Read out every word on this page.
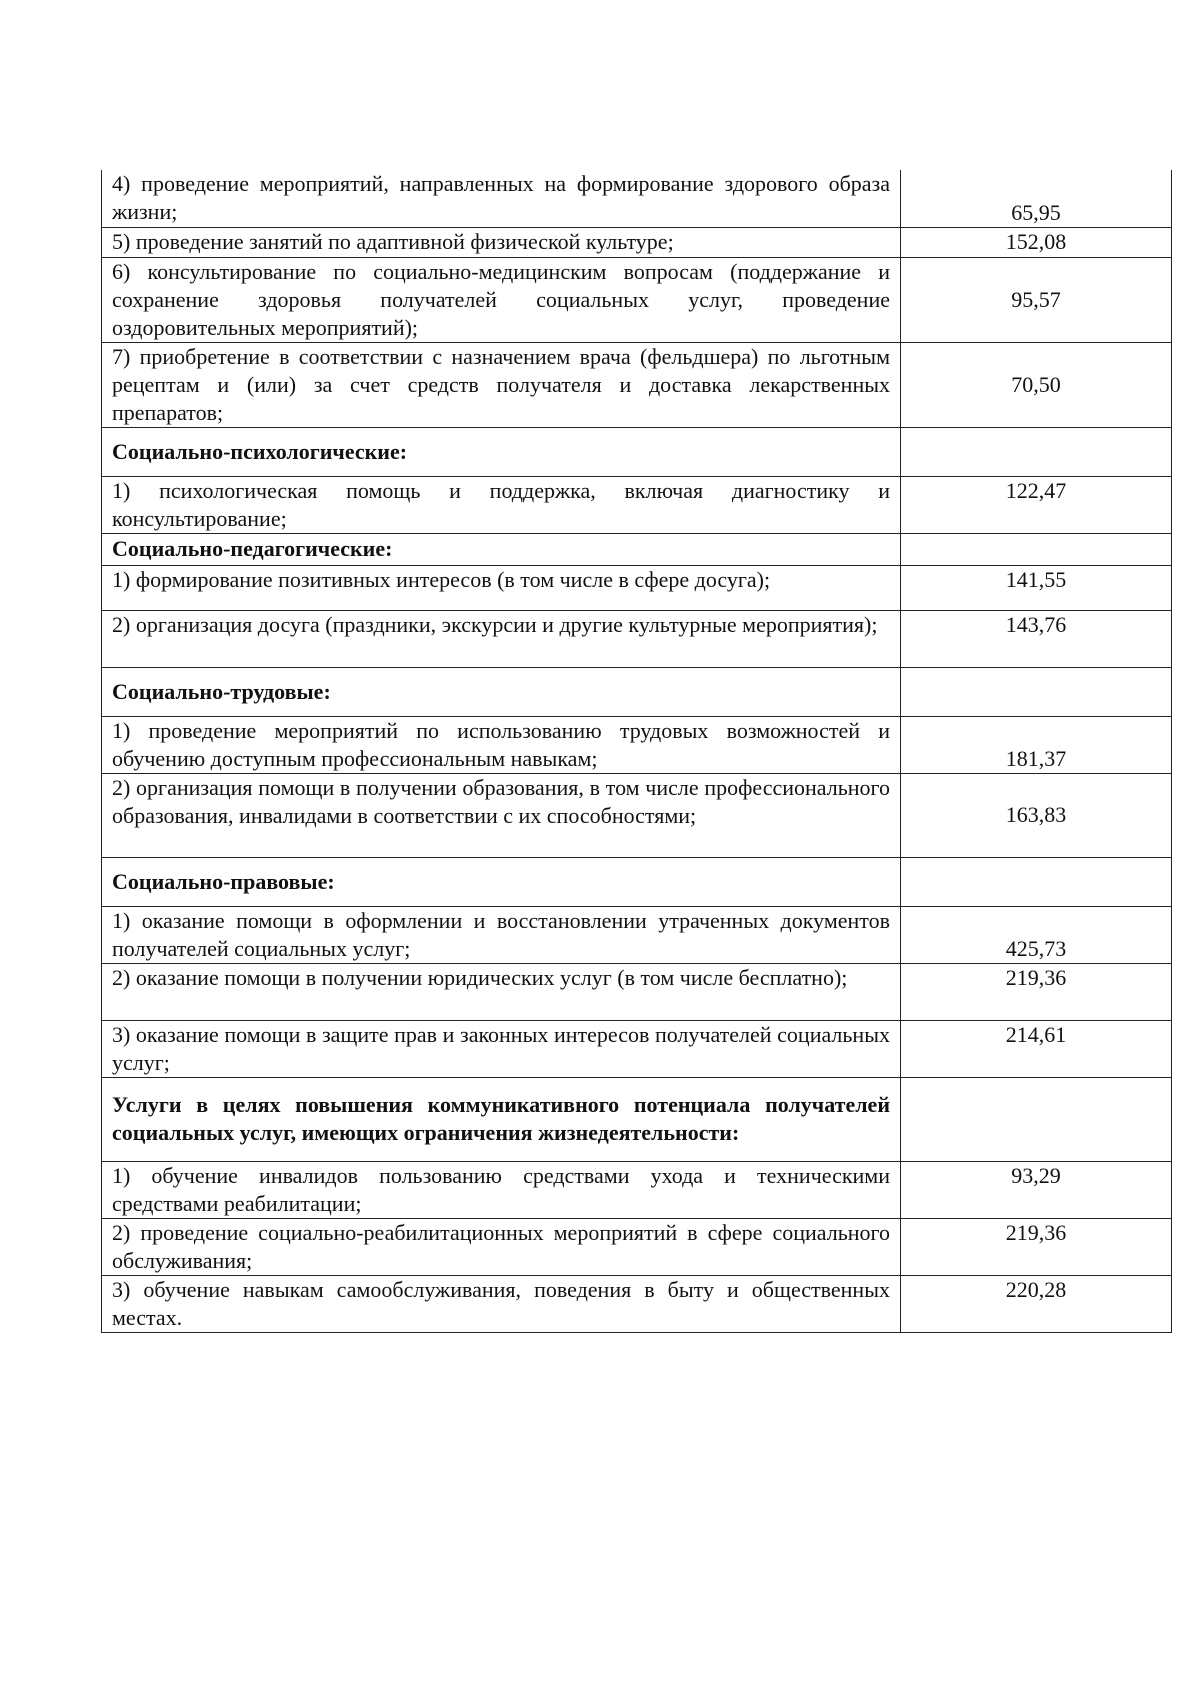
4) проведение мероприятий, направленных на формирование здорового образа жизни;	65,95
5) проведение занятий по адаптивной физической культуре;	152,08
6) консультирование по социально-медицинским вопросам (поддержание и сохранение здоровья получателей социальных услуг, проведение оздоровительных мероприятий);	95,57
7) приобретение в соответствии с назначением врача (фельдшера) по льготным рецептам и (или) за счет средств получателя и доставка лекарственных препаратов;	70,50
Социально-психологические:	
1) психологическая помощь и поддержка, включая диагностику и консультирование;	122,47
Социально-педагогические:	
1) формирование позитивных интересов (в том числе в сфере досуга);	141,55
2) организация досуга (праздники, экскурсии и другие культурные мероприятия);	143,76
Социально-трудовые:	
1) проведение мероприятий по использованию трудовых возможностей и обучению доступным профессиональным навыкам;	181,37
2) организация помощи в получении образования, в том числе профессионального образования, инвалидами в соответствии с их способностями;	163,83
Социально-правовые:	
1) оказание помощи в оформлении и восстановлении утраченных документов получателей социальных услуг;	425,73
2) оказание помощи в получении юридических услуг (в том числе бесплатно);	219,36
3) оказание помощи в защите прав и законных интересов получателей социальных услуг;	214,61
Услуги в целях повышения коммуникативного потенциала получателей социальных услуг, имеющих ограничения жизнедеятельности:	
1) обучение инвалидов пользованию средствами ухода и техническими средствами реабилитации;	93,29
2) проведение социально-реабилитационных мероприятий в сфере социального обслуживания;	219,36
3) обучение навыкам самообслуживания, поведения в быту и общественных местах.	220,28
